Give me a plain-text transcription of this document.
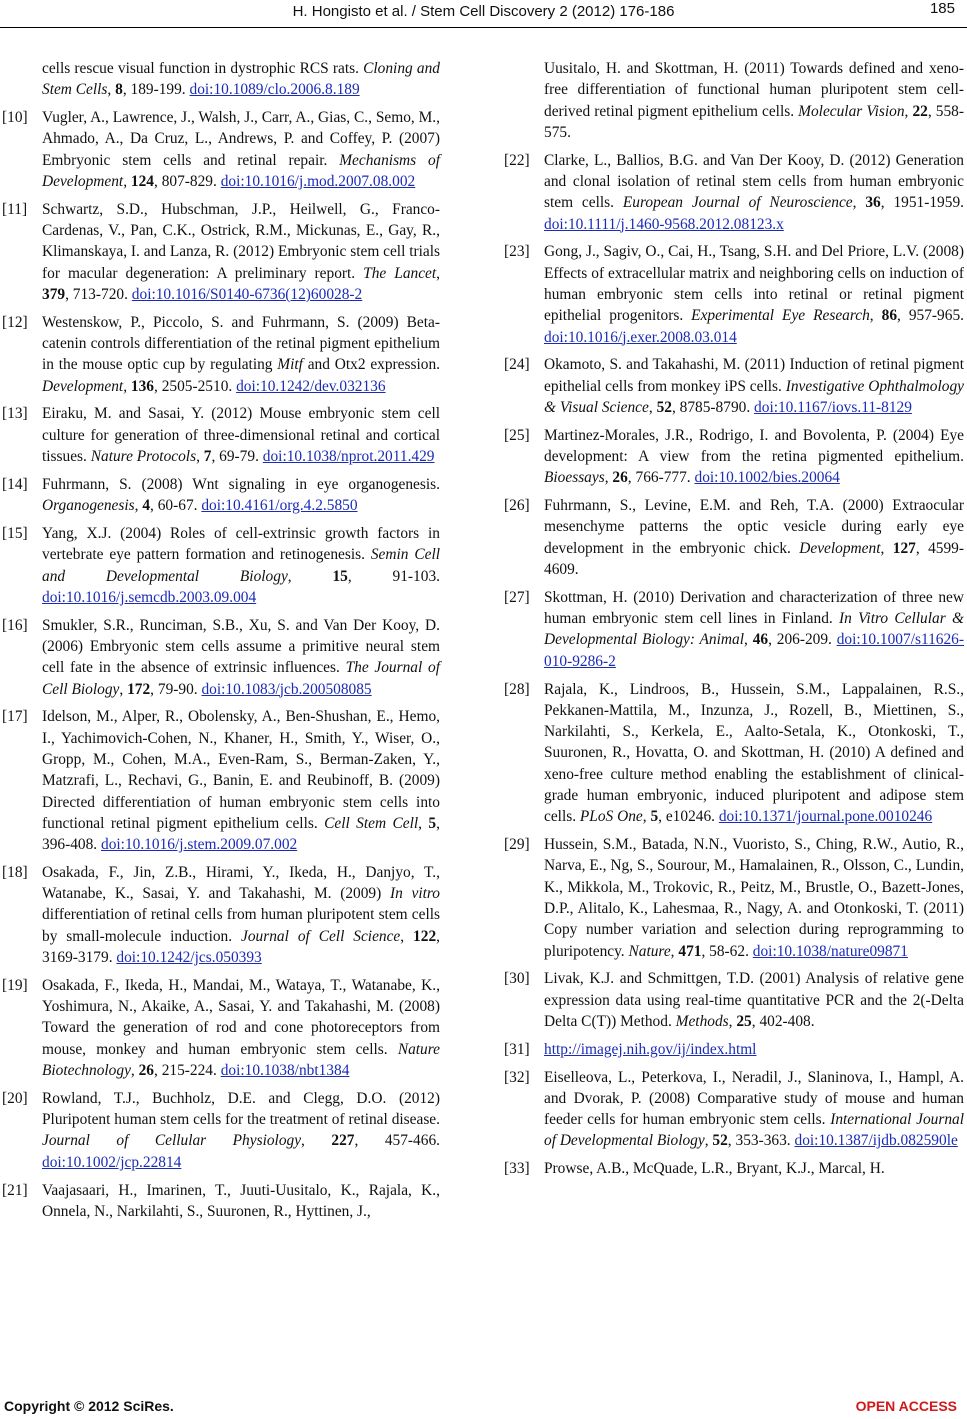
H. Hongisto et al. / Stem Cell Discovery 2 (2012) 176-186	185
cells rescue visual function in dystrophic RCS rats. Cloning and Stem Cells, 8, 189-199. doi:10.1089/clo.2006.8.189
[10] Vugler, A., Lawrence, J., Walsh, J., Carr, A., Gias, C., Semo, M., Ahmado, A., Da Cruz, L., Andrews, P. and Coffey, P. (2007) Embryonic stem cells and retinal repair. Mechanisms of Development, 124, 807-829. doi:10.1016/j.mod.2007.08.002
[11] Schwartz, S.D., Hubschman, J.P., Heilwell, G., Franco-Cardenas, V., Pan, C.K., Ostrick, R.M., Mickunas, E., Gay, R., Klimanskaya, I. and Lanza, R. (2012) Embryonic stem cell trials for macular degeneration: A preliminary report. The Lancet, 379, 713-720. doi:10.1016/S0140-6736(12)60028-2
[12] Westenskow, P., Piccolo, S. and Fuhrmann, S. (2009) Beta-catenin controls differentiation of the retinal pigment epithelium in the mouse optic cup by regulating Mitf and Otx2 expression. Development, 136, 2505-2510. doi:10.1242/dev.032136
[13] Eiraku, M. and Sasai, Y. (2012) Mouse embryonic stem cell culture for generation of three-dimensional retinal and cortical tissues. Nature Protocols, 7, 69-79. doi:10.1038/nprot.2011.429
[14] Fuhrmann, S. (2008) Wnt signaling in eye organogenesis. Organogenesis, 4, 60-67. doi:10.4161/org.4.2.5850
[15] Yang, X.J. (2004) Roles of cell-extrinsic growth factors in vertebrate eye pattern formation and retinogenesis. Semin Cell and Developmental Biology, 15, 91-103. doi:10.1016/j.semcdb.2003.09.004
[16] Smukler, S.R., Runciman, S.B., Xu, S. and Van Der Kooy, D. (2006) Embryonic stem cells assume a primitive neural stem cell fate in the absence of extrinsic influences. The Journal of Cell Biology, 172, 79-90. doi:10.1083/jcb.200508085
[17] Idelson, M., Alper, R., Obolensky, A., Ben-Shushan, E., Hemo, I., Yachimovich-Cohen, N., Khaner, H., Smith, Y., Wiser, O., Gropp, M., Cohen, M.A., Even-Ram, S., Berman-Zaken, Y., Matzrafi, L., Rechavi, G., Banin, E. and Reubinoff, B. (2009) Directed differentiation of human embryonic stem cells into functional retinal pigment epithelium cells. Cell Stem Cell, 5, 396-408. doi:10.1016/j.stem.2009.07.002
[18] Osakada, F., Jin, Z.B., Hirami, Y., Ikeda, H., Danjyo, T., Watanabe, K., Sasai, Y. and Takahashi, M. (2009) In vitro differentiation of retinal cells from human pluripotent stem cells by small-molecule induction. Journal of Cell Science, 122, 3169-3179. doi:10.1242/jcs.050393
[19] Osakada, F., Ikeda, H., Mandai, M., Wataya, T., Watanabe, K., Yoshimura, N., Akaike, A., Sasai, Y. and Takahashi, M. (2008) Toward the generation of rod and cone photoreceptors from mouse, monkey and human embryonic stem cells. Nature Biotechnology, 26, 215-224. doi:10.1038/nbt1384
[20] Rowland, T.J., Buchholz, D.E. and Clegg, D.O. (2012) Pluripotent human stem cells for the treatment of retinal disease. Journal of Cellular Physiology, 227, 457-466. doi:10.1002/jcp.22814
[21] Vaajasaari, H., Imarinen, T., Juuti-Uusitalo, K., Rajala, K., Onnela, N., Narkilahti, S., Suuronen, R., Hyttinen, J.,
Uusitalo, H. and Skottman, H. (2011) Towards defined and xeno-free differentiation of functional human pluripotent stem cell-derived retinal pigment epithelium cells. Molecular Vision, 22, 558-575.
[22] Clarke, L., Ballios, B.G. and Van Der Kooy, D. (2012) Generation and clonal isolation of retinal stem cells from human embryonic stem cells. European Journal of Neuroscience, 36, 1951-1959. doi:10.1111/j.1460-9568.2012.08123.x
[23] Gong, J., Sagiv, O., Cai, H., Tsang, S.H. and Del Priore, L.V. (2008) Effects of extracellular matrix and neighboring cells on induction of human embryonic stem cells into retinal or retinal pigment epithelial progenitors. Experimental Eye Research, 86, 957-965. doi:10.1016/j.exer.2008.03.014
[24] Okamoto, S. and Takahashi, M. (2011) Induction of retinal pigment epithelial cells from monkey iPS cells. Investigative Ophthalmology & Visual Science, 52, 8785-8790. doi:10.1167/iovs.11-8129
[25] Martinez-Morales, J.R., Rodrigo, I. and Bovolenta, P. (2004) Eye development: A view from the retina pigmented epithelium. Bioessays, 26, 766-777. doi:10.1002/bies.20064
[26] Fuhrmann, S., Levine, E.M. and Reh, T.A. (2000) Extraocular mesenchyme patterns the optic vesicle during early eye development in the embryonic chick. Development, 127, 4599-4609.
[27] Skottman, H. (2010) Derivation and characterization of three new human embryonic stem cell lines in Finland. In Vitro Cellular & Developmental Biology: Animal, 46, 206-209. doi:10.1007/s11626-010-9286-2
[28] Rajala, K., Lindroos, B., Hussein, S.M., Lappalainen, R.S., Pekkanen-Mattila, M., Inzunza, J., Rozell, B., Miettinen, S., Narkilahti, S., Kerkela, E., Aalto-Setala, K., Otonkoski, T., Suuronen, R., Hovatta, O. and Skottman, H. (2010) A defined and xeno-free culture method enabling the establishment of clinical-grade human embryonic, induced pluripotent and adipose stem cells. PLoS One, 5, e10246. doi:10.1371/journal.pone.0010246
[29] Hussein, S.M., Batada, N.N., Vuoristo, S., Ching, R.W., Autio, R., Narva, E., Ng, S., Sourour, M., Hamalainen, R., Olsson, C., Lundin, K., Mikkola, M., Trokovic, R., Peitz, M., Brustle, O., Bazett-Jones, D.P., Alitalo, K., Lahesmaa, R., Nagy, A. and Otonkoski, T. (2011) Copy number variation and selection during reprogramming to pluripotency. Nature, 471, 58-62. doi:10.1038/nature09871
[30] Livak, K.J. and Schmittgen, T.D. (2001) Analysis of relative gene expression data using real-time quantitative PCR and the 2(-Delta Delta C(T)) Method. Methods, 25, 402-408.
[31] http://imagej.nih.gov/ij/index.html
[32] Eiselleova, L., Peterkova, I., Neradil, J., Slaninova, I., Hampl, A. and Dvorak, P. (2008) Comparative study of mouse and human feeder cells for human embryonic stem cells. International Journal of Developmental Biology, 52, 353-363. doi:10.1387/ijdb.082590le
[33] Prowse, A.B., McQuade, L.R., Bryant, K.J., Marcal, H.
Copyright © 2012 SciRes.	OPEN ACCESS
